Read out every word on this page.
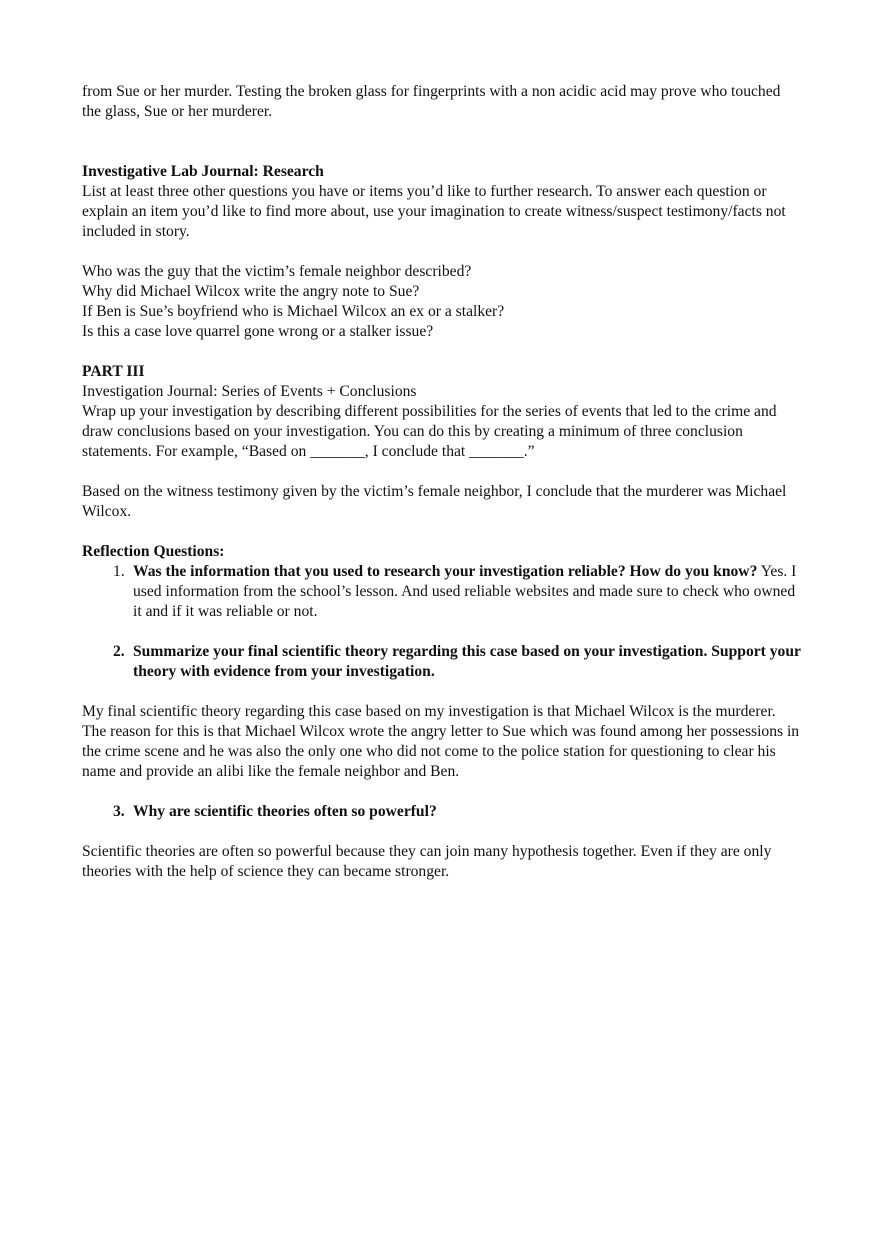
from Sue or her murder. Testing the broken glass for fingerprints with a non acidic acid may prove who touched the glass, Sue or her murderer.

Investigative Lab Journal: Research

List at least three other questions you have or items you’d like to further research. To answer each question or explain an item you’d like to find more about, use your imagination to create witness/suspect testimony/facts not included in story.

Who was the guy that the victim’s female neighbor described?

Why did Michael Wilcox write the angry note to Sue?

If Ben is Sue’s boyfriend who is Michael Wilcox an ex or a stalker?

Is this a case love quarrel gone wrong or a stalker issue?

PART III

Investigation Journal: Series of Events + Conclusions

Wrap up your investigation by describing different possibilities for the series of events that led to the crime and draw conclusions based on your investigation. You can do this by creating a minimum of three conclusion statements. For example, “Based on _______, I conclude that _______.”

Based on the witness testimony given by the victim’s female neighbor, I conclude that the murderer was Michael Wilcox.

Reflection Questions:

1. Was the information that you used to research your investigation reliable? How do you know? Yes. I used information from the school’s lesson. And used reliable websites and made sure to check who owned it and if it was reliable or not.
2. Summarize your final scientific theory regarding this case based on your investigation. Support your theory with evidence from your investigation.

My final scientific theory regarding this case based on my investigation is that Michael Wilcox is the murderer. The reason for this is that Michael Wilcox wrote the angry letter to Sue which was found among her possessions in the crime scene and he was also the only one who did not come to the police station for questioning to clear his name and provide an alibi like the female neighbor and Ben.

3. Why are scientific theories often so powerful?

Scientific theories are often so powerful because they can join many hypothesis together. Even if they are only theories with the help of science they can became stronger.
